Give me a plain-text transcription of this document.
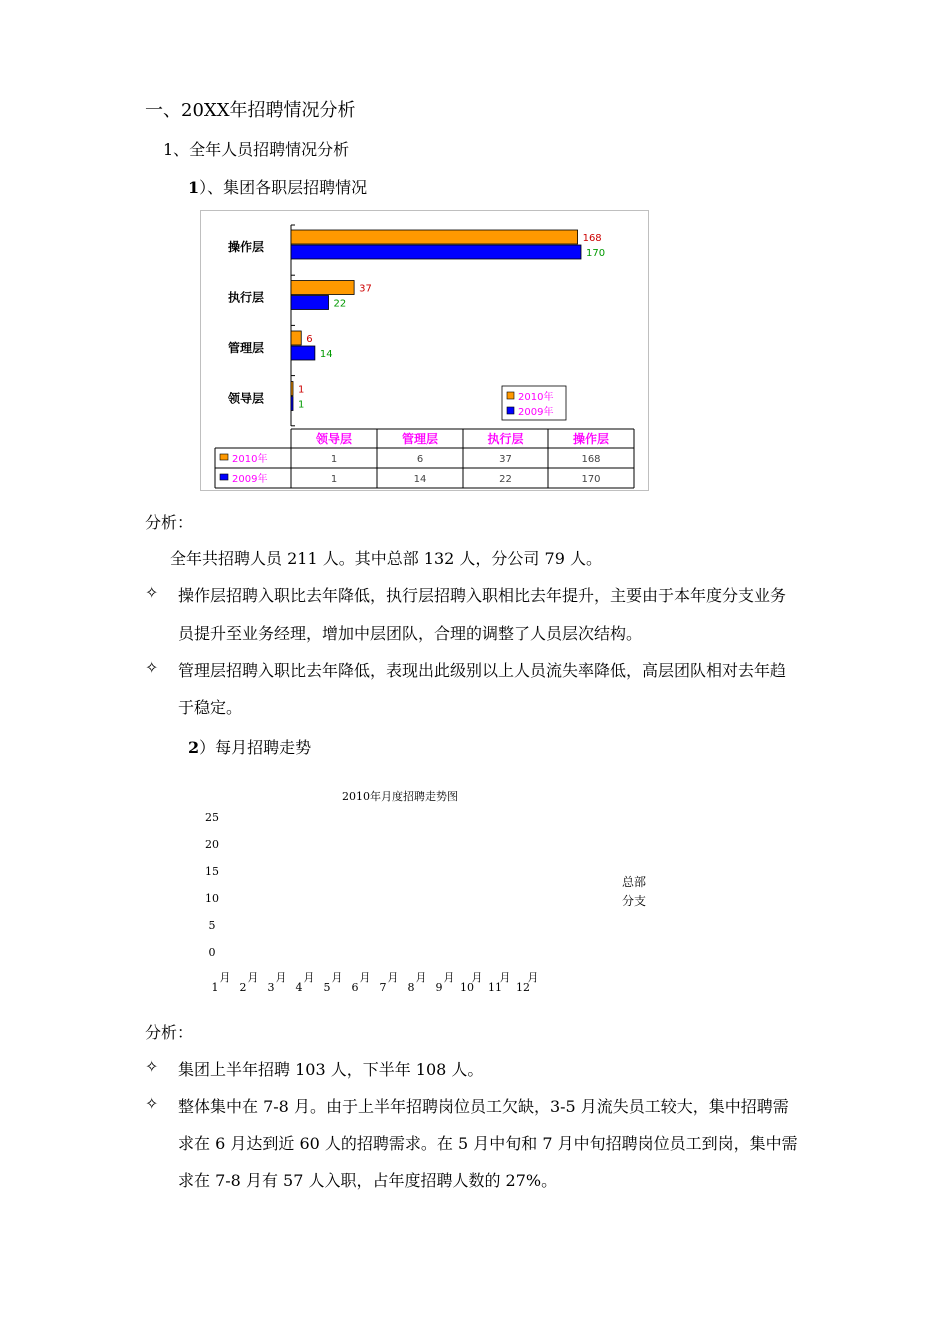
一、20XX年招聘情况分析
1、全年人员招聘情况分析
1）、集团各职层招聘情况
操作层
168
170
执行层
37
22
管理层
6
14
领导层
1
1
领导层	管理层	执行层	操作层
2010年	1	6	37	168
2009年	1	14	22	170
2010年
2009年
分析：
全年共招聘人员 211 人。其中总部 132 人，分公司 79 人。
✧ 操作层招聘入职比去年降低，执行层招聘入职相比去年提升，主要由于本年度分支业务
员提升至业务经理，增加中层团队，合理的调整了人员层次结构。
✧ 管理层招聘入职比去年降低，表现出此级别以上人员流失率降低，高层团队相对去年趋
于稳定。
2）每月招聘走势
2010年月度招聘走势图
25
20
15
10
5
0
1
月
2
月
3
月
4
月
5
月
6
月
7
月
8
月
9
月
10
月
11
月
12
月
总部
分支
分析：
✧ 集团上半年招聘 103 人，下半年 108 人。
✧ 整体集中在 7-8 月。由于上半年招聘岗位员工欠缺，3-5 月流失员工较大，集中招聘需
求在 6 月达到近 60 人的招聘需求。在 5 月中旬和 7 月中旬招聘岗位员工到岗，集中需
求在 7-8 月有 57 人入职，占年度招聘人数的 27%。
